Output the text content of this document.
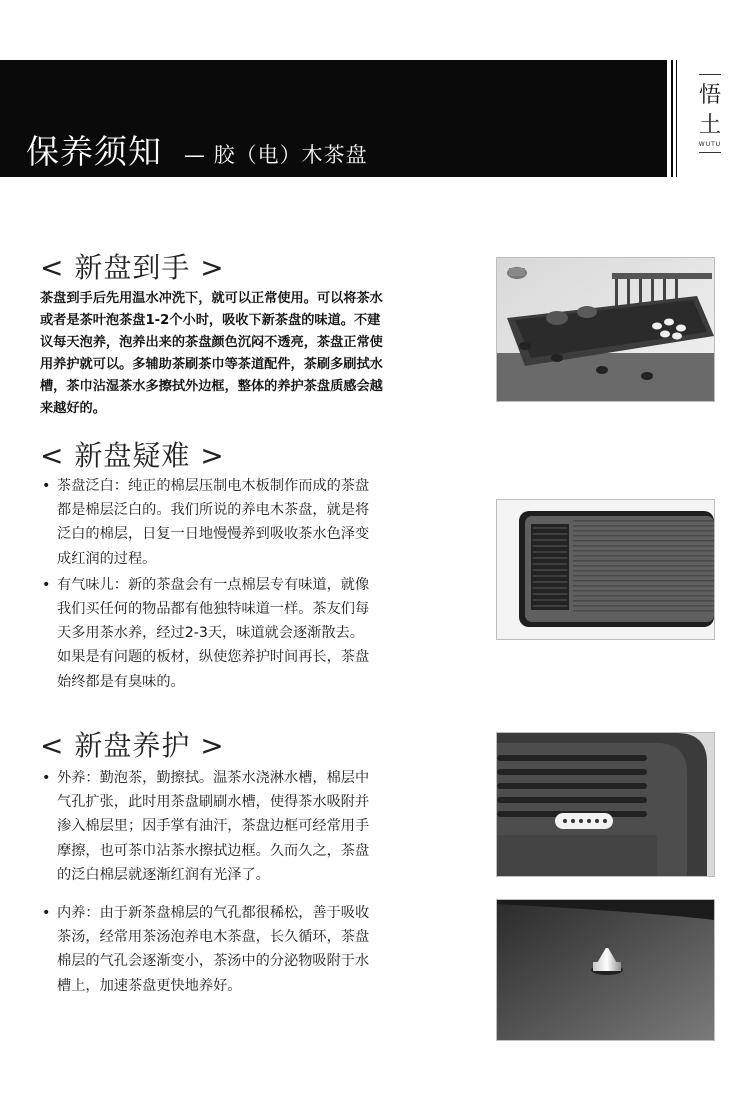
保养须知 — 胶（电）木茶盘
悟
土
WUTU
< 新盘到手 >
茶盘到手后先用温水冲洗下，就可以正常使用。可以将茶水
或者是茶叶泡茶盘1-2个小时，吸收下新茶盘的味道。不建
议每天泡养，泡养出来的茶盘颜色沉闷不透亮，茶盘正常使
用养护就可以。多辅助茶刷茶巾等茶道配件，茶刷多刷拭水
槽，茶巾沾湿茶水多擦拭外边框，整体的养护茶盘质感会越
来越好的。
< 新盘疑难 >
• 茶盘泛白：纯正的棉层压制电木板制作而成的茶盘
都是棉层泛白的。我们所说的养电木茶盘，就是将
泛白的棉层，日复一日地慢慢养到吸收茶水色泽变
成红润的过程。
• 有气味儿：新的茶盘会有一点棉层专有味道，就像
我们买任何的物品都有他独特味道一样。茶友们每
天多用茶水养，经过2-3天，味道就会逐渐散去。
如果是有问题的板材，纵使您养护时间再长，茶盘
始终都是有臭味的。
< 新盘养护 >
• 外养：勤泡茶，勤擦拭。温茶水浇淋水槽，棉层中
气孔扩张，此时用茶盘刷刷水槽，使得茶水吸附并
渗入棉层里；因手掌有油汗，茶盘边框可经常用手
摩擦，也可茶巾沾茶水擦拭边框。久而久之，茶盘
的泛白棉层就逐渐红润有光泽了。
• 内养：由于新茶盘棉层的气孔都很稀松，善于吸收
茶汤，经常用茶汤泡养电木茶盘，长久循环，茶盘
棉层的气孔会逐渐变小，茶汤中的分泌物吸附于水
槽上，加速茶盘更快地养好。
